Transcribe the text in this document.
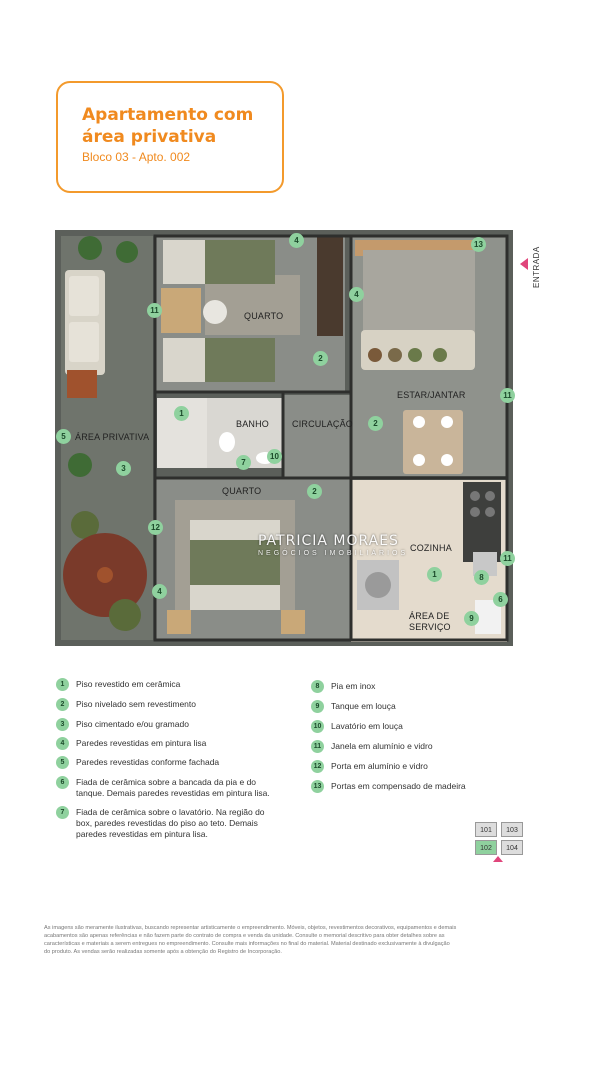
Apartamento com
área privativa
Bloco 03 - Apto. 002
QUARTO
BANHO	CIRCULAÇÃO
ESTAR/JANTAR
ÁREA PRIVATIVA
QUARTO
COZINHA
ÁREA DE
SERVIÇO
4	13
4
11
2
1
2
11
5
3
7
10
2
12
4
1	8
11
6
9
ENTRADA
PATRICIA MORAES
NEGÓCIOS IMOBILIÁRIOS
1	Piso revestido em cerâmica
2	Piso nivelado sem revestimento
3	Piso cimentado e/ou gramado
4	Paredes revestidas em pintura lisa
5	Paredes revestidas conforme fachada
6	Fiada de cerâmica sobre a bancada da pia e do
tanque. Demais paredes revestidas em pintura lisa.
7	Fiada de cerâmica sobre o lavatório. Na região do
box, paredes revestidas do piso ao teto. Demais
paredes revestidas em pintura lisa.
8	Pia em inox
9	Tanque em louça
10	Lavatório em louça
11	Janela em alumínio e vidro
12	Porta em alumínio e vidro
13	Portas em compensado de madeira
101	103
102	104
As imagens são meramente ilustrativas, buscando representar artisticamente o empreendimento. Móveis, objetos, revestimentos decorativos, equipamentos e demais
acabamentos são apenas referências e não fazem parte do contrato de compra e venda da unidade. Consulte o memorial descritivo para obter detalhes sobre as
características e materiais a serem entregues no empreendimento. Consulte mais informações no final do material. Material destinado exclusivamente à divulgação
do produto. As vendas serão realizadas somente após a obtenção do Registro de Incorporação.
